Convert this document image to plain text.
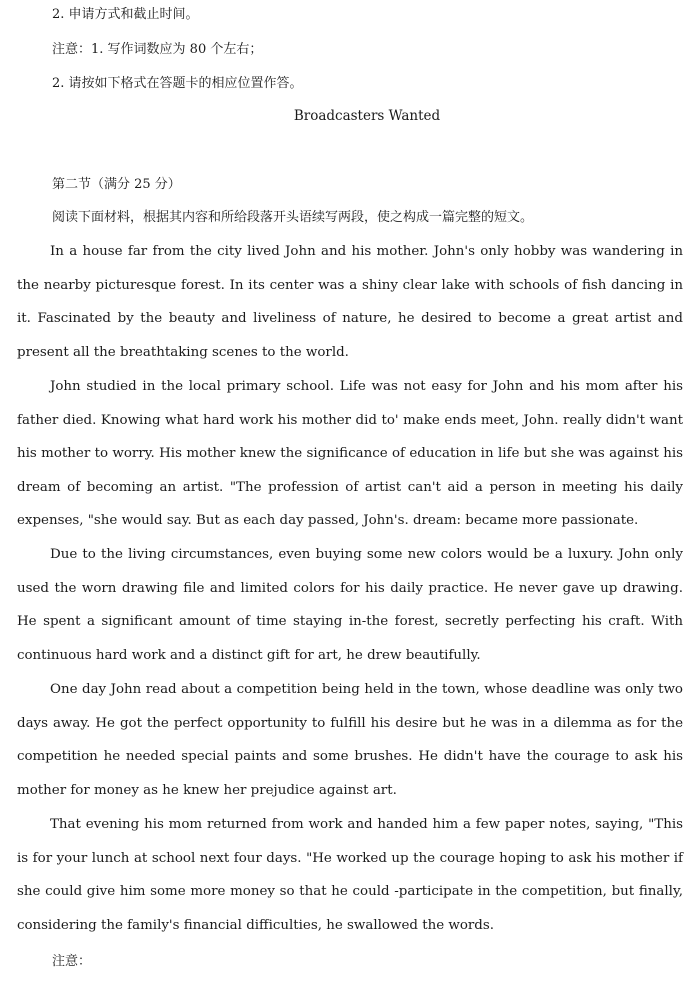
2. 申请方式和截止时间。
注意：1. 写作词数应为 80 个左右；
2. 请按如下格式在答题卡的相应位置作答。
Broadcasters Wanted
第二节（满分 25 分）
阅读下面材料，根据其内容和所给段落开头语续写两段，使之构成一篇完整的短文。

In a house far from the city lived John and his mother. John's only hobby was wandering in the nearby picturesque forest. In its center was a shiny clear lake with schools of fish dancing in it. Fascinated by the beauty and liveliness of nature, he desired to become a great artist and present all the breathtaking scenes to the world.

John studied in the local primary school. Life was not easy for John and his mom after his father died. Knowing what hard work his mother did to' make ends meet, John. really didn't want his mother to worry. His mother knew the significance of education in life but she was against his dream of becoming an artist. "The profession of artist can't aid a person in meeting his daily expenses, "she would say. But as each day passed, John's. dream: became more passionate.

Due to the living circumstances, even buying some new colors would be a luxury. John only used the worn drawing file and limited colors for his daily practice. He never gave up drawing. He spent a significant amount of time staying in-the forest, secretly perfecting his craft. With continuous hard work and a distinct gift for art, he drew beautifully.

One day John read about a competition being held in the town, whose deadline was only two days away. He got the perfect opportunity to fulfill his desire but he was in a dilemma as for the competition he needed special paints and some brushes. He didn't have the courage to ask his mother for money as he knew her prejudice against art.

That evening his mom returned from work and handed him a few paper notes, saying, "This is for your lunch at school next four days. "He worked up the courage hoping to ask his mother if she could give him some more money so that he could -participate in the competition, but finally, considering the family's financial difficulties, he swallowed the words.

注意：
